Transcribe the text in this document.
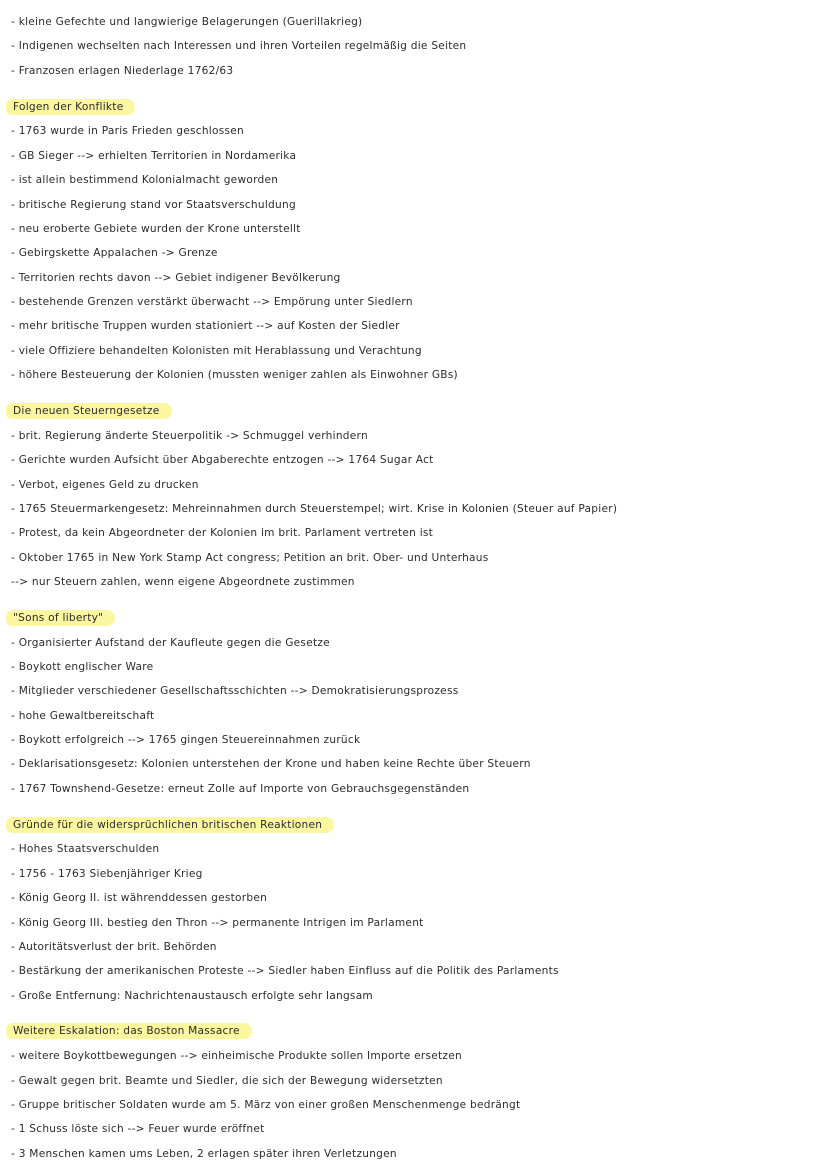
- kleine Gefechte und langwierige Belagerungen (Guerillakrieg)
- Indigenen wechselten nach Interessen und ihren Vorteilen regelmäßig die Seiten
- Franzosen erlagen Niederlage 1762/63
Folgen der Konflikte
- 1763 wurde in Paris Frieden geschlossen
- GB Sieger --> erhielten Territorien in Nordamerika
- ist allein bestimmend Kolonialmacht geworden
- britische Regierung stand vor Staatsverschuldung
- neu eroberte Gebiete wurden der Krone unterstellt
- Gebirgskette Appalachen -> Grenze
- Territorien rechts davon --> Gebiet indigener Bevölkerung
- bestehende Grenzen verstärkt überwacht --> Empörung unter Siedlern
- mehr britische Truppen wurden stationiert --> auf Kosten der Siedler
- viele Offiziere behandelten Kolonisten mit Herablassung und Verachtung
- höhere Besteuerung der Kolonien (mussten weniger zahlen als Einwohner GBs)
Die neuen Steuerngesetze
- brit. Regierung änderte Steuerpolitik -> Schmuggel verhindern
- Gerichte wurden Aufsicht über Abgaberechte entzogen --> 1764 Sugar Act
- Verbot, eigenes Geld zu drucken
- 1765 Steuermarkengesetz: Mehreinnahmen durch Steuerstempel; wirt. Krise in Kolonien (Steuer auf Papier)
- Protest, da kein Abgeordneter der Kolonien im brit. Parlament vertreten ist
- Oktober 1765 in New York Stamp Act congress; Petition an brit. Ober- und Unterhaus
--> nur Steuern zahlen, wenn eigene Abgeordnete zustimmen
"Sons of liberty"
- Organisierter Aufstand der Kaufleute gegen die Gesetze
- Boykott englischer Ware
- Mitglieder verschiedener Gesellschaftsschichten --> Demokratisierungsprozess
- hohe Gewaltbereitschaft
- Boykott erfolgreich --> 1765 gingen Steuereinnahmen zurück
- Deklarisationsgesetz: Kolonien unterstehen der Krone und haben keine Rechte über Steuern
- 1767 Townshend-Gesetze: erneut Zolle auf Importe von Gebrauchsgegenständen
Gründe für die widersprüchlichen britischen Reaktionen
- Hohes Staatsverschulden
- 1756 - 1763 Siebenjähriger Krieg
- König Georg II. ist währenddessen gestorben
- König Georg III. bestieg den Thron --> permanente Intrigen im Parlament
- Autoritätsverlust der brit. Behörden
- Bestärkung der amerikanischen Proteste --> Siedler haben Einfluss auf die Politik des Parlaments
- Große Entfernung: Nachrichtenaustausch erfolgte sehr langsam
Weitere Eskalation: das Boston Massacre
- weitere Boykottbewegungen --> einheimische Produkte sollen Importe ersetzen
- Gewalt gegen brit. Beamte und Siedler, die sich der Bewegung widersetzten
- Gruppe britischer Soldaten wurde am 5. März von einer großen Menschenmenge bedrängt
- 1 Schuss löste sich --> Feuer wurde eröffnet
- 3 Menschen kamen ums Leben, 2 erlagen später ihren Verletzungen
